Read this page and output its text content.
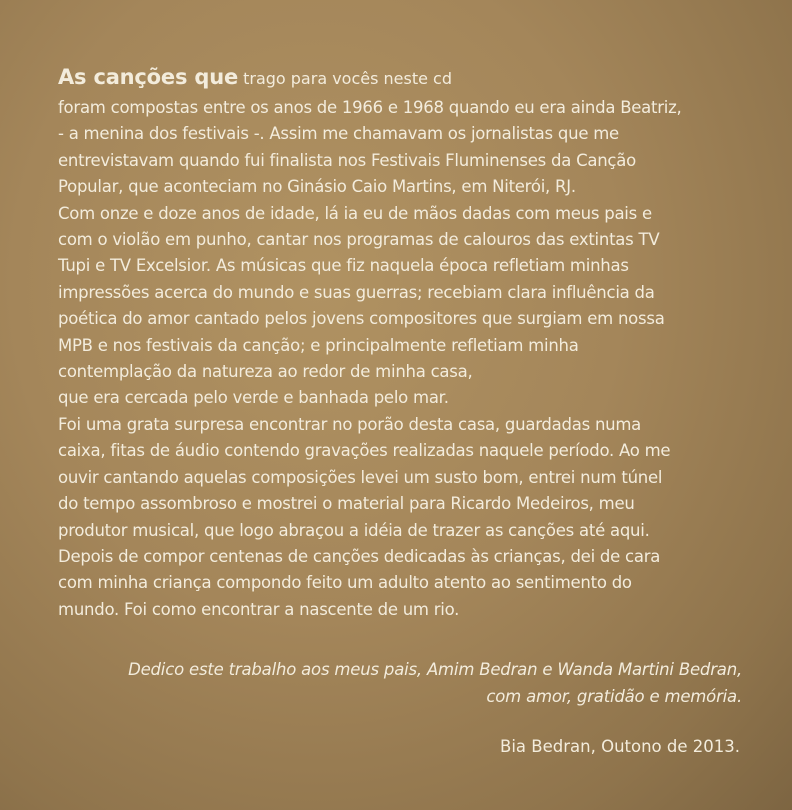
As canções que trago para vocês neste cd
foram compostas entre os anos de 1966 e 1968 quando eu era ainda Beatriz,
- a menina dos festivais -. Assim me chamavam os jornalistas que me
entrevistavam quando fui finalista nos Festivais Fluminenses da Canção
Popular, que aconteciam no Ginásio Caio Martins, em Niterói, RJ.
Com onze e doze anos de idade, lá ia eu de mãos dadas com meus pais e
com o violão em punho, cantar nos programas de calouros das extintas TV
Tupi e TV Excelsior. As músicas que fiz naquela época refletiam minhas
impressões acerca do mundo e suas guerras; recebiam clara influência da
poética do amor cantado pelos jovens compositores que surgiam em nossa
MPB e nos festivais da canção; e principalmente refletiam minha
contemplação da natureza ao redor de minha casa,
que era cercada pelo verde e banhada pelo mar.
Foi uma grata surpresa encontrar no porão desta casa, guardadas numa
caixa, fitas de áudio contendo gravações realizadas naquele período. Ao me
ouvir cantando aquelas composições levei um susto bom, entrei num túnel
do tempo assombroso e mostrei o material para Ricardo Medeiros, meu
produtor musical, que logo abraçou a idéia de trazer as canções até aqui.
Depois de compor centenas de canções dedicadas às crianças, dei de cara
com minha criança compondo feito um adulto atento ao sentimento do
mundo. Foi como encontrar a nascente de um rio.
Dedico este trabalho aos meus pais, Amim Bedran e Wanda Martini Bedran,
com amor, gratidão e memória.
Bia Bedran, Outono de 2013.
